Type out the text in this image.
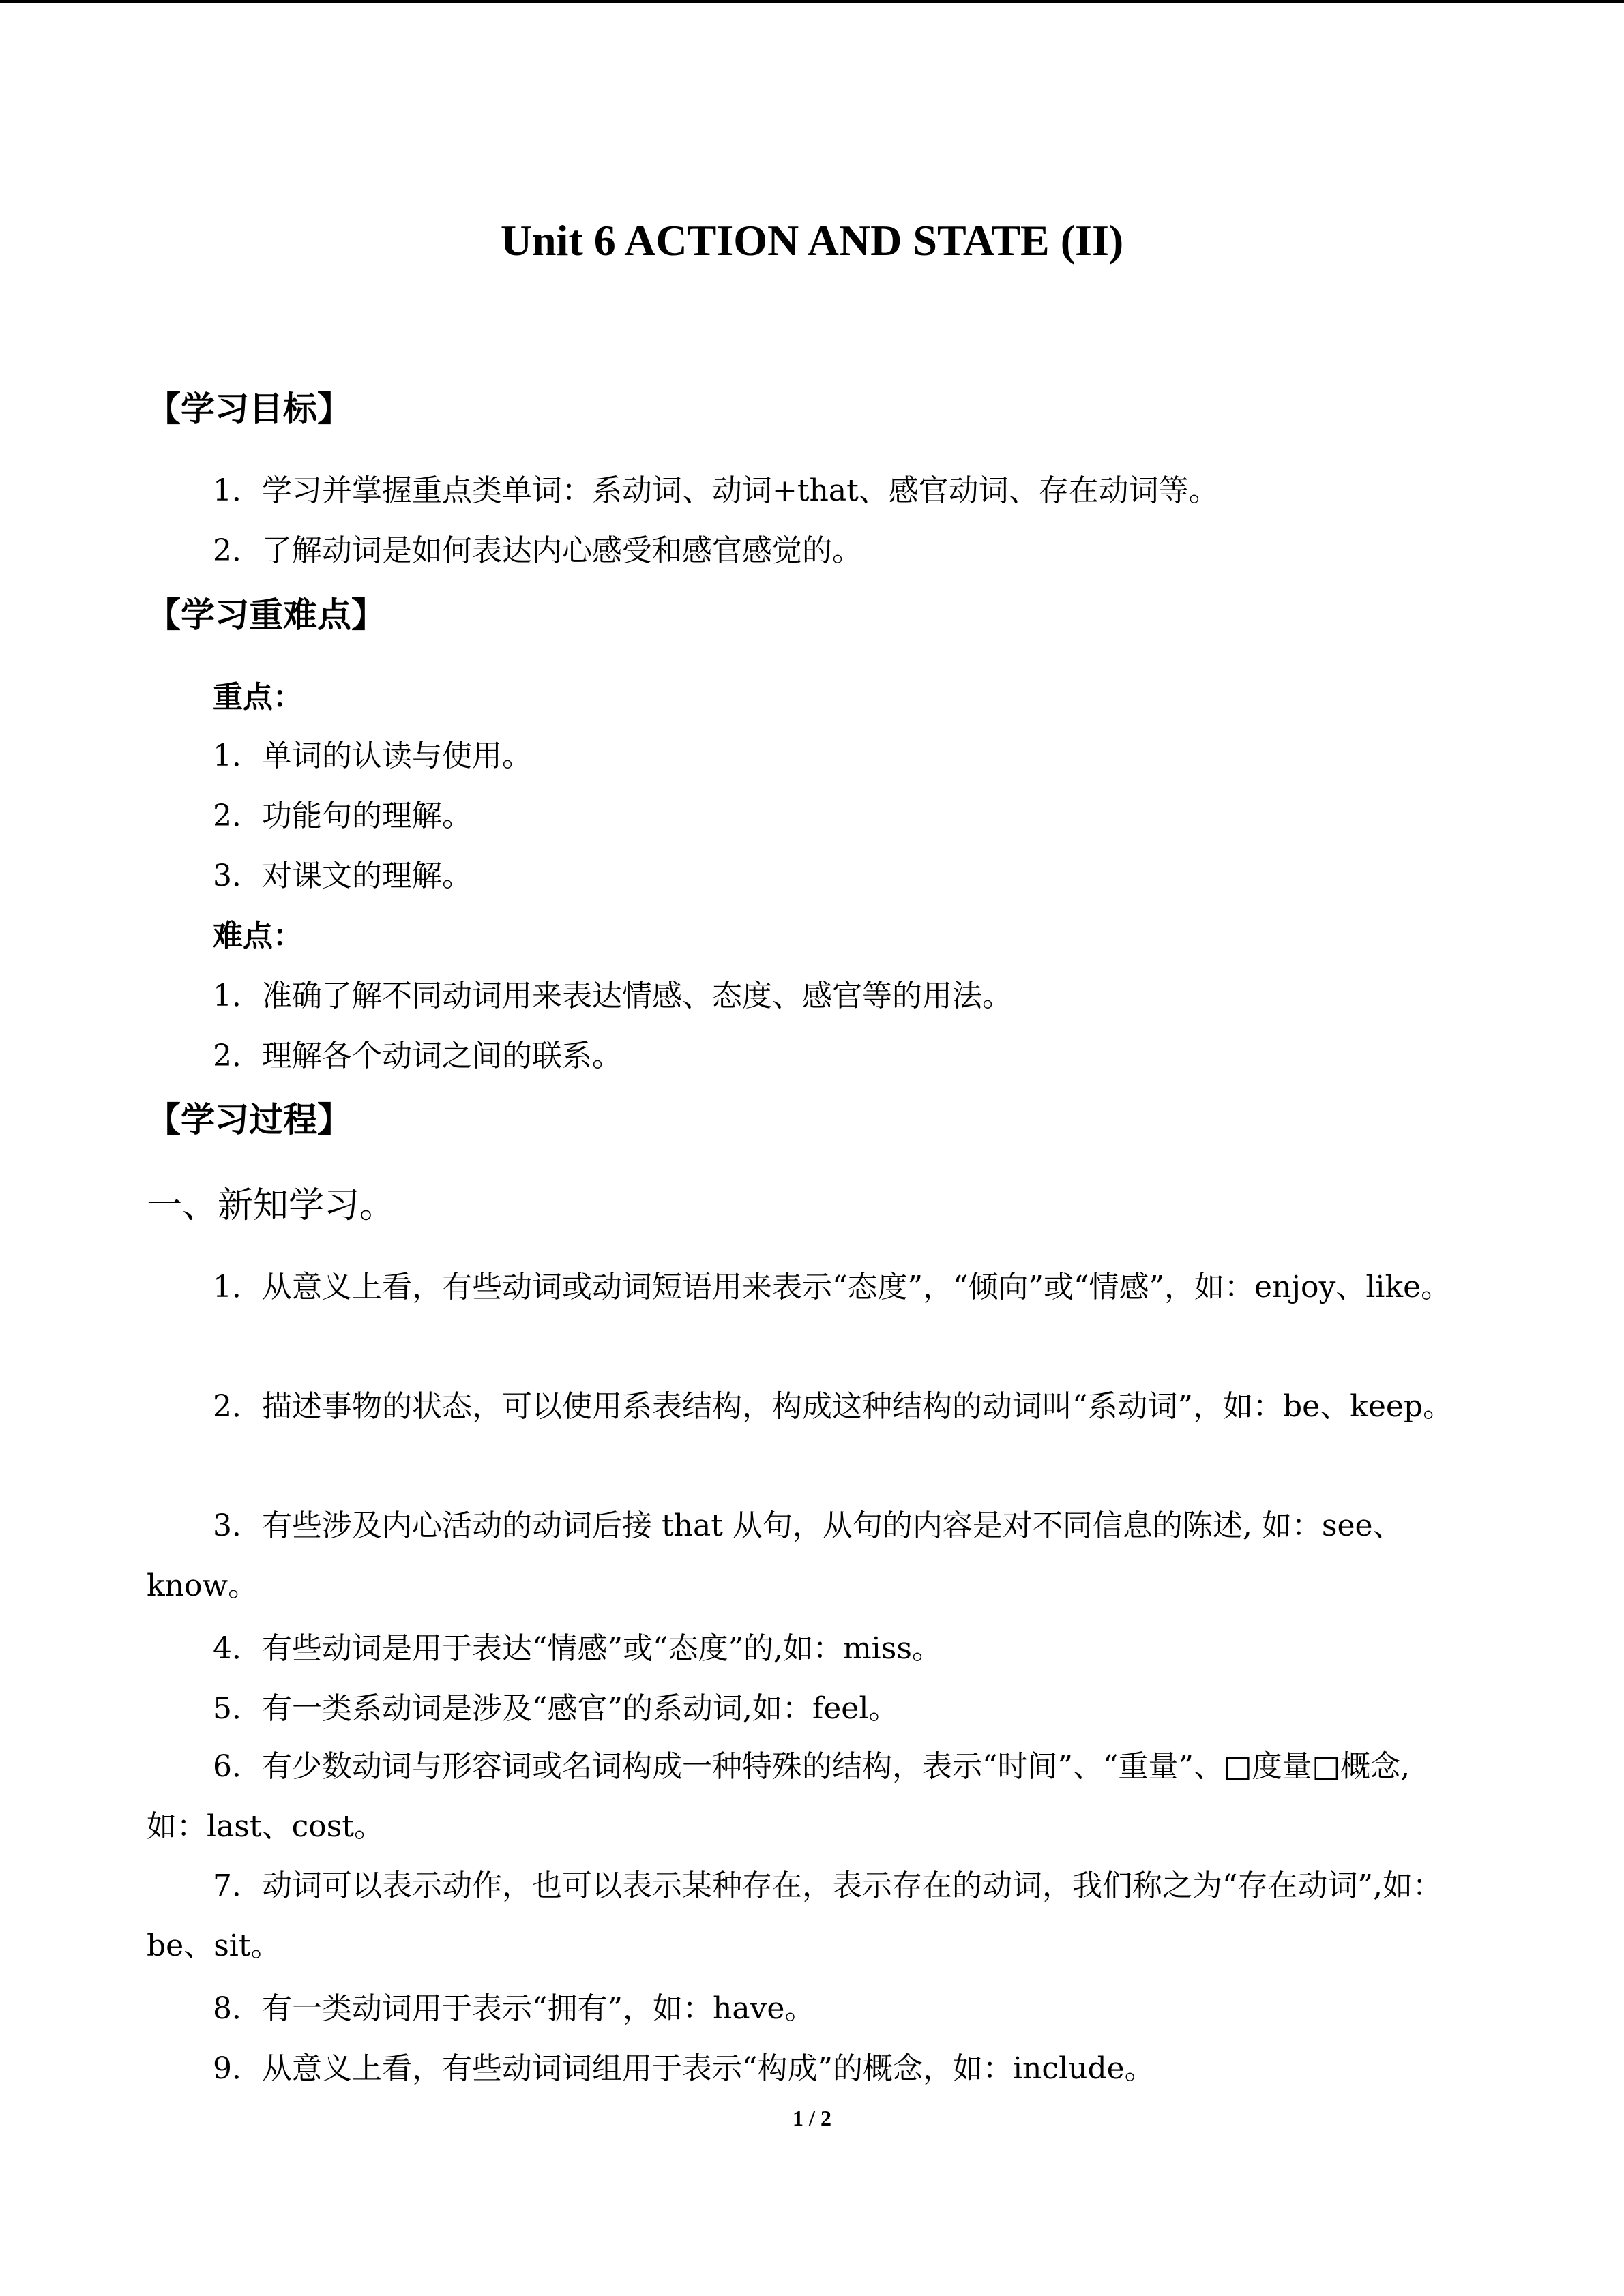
Unit 6 ACTION AND STATE (II)
【学习目标】
1．学习并掌握重点类单词：系动词、动词+that、感官动词、存在动词等。
2．了解动词是如何表达内心感受和感官感觉的。
【学习重难点】
重点：
1．单词的认读与使用。
2．功能句的理解。
3．对课文的理解。
难点：
1．准确了解不同动词用来表达情感、态度、感官等的用法。
2．理解各个动词之间的联系。
【学习过程】
一、新知学习。
1．从意义上看，有些动词或动词短语用来表示“态度”，“倾向”或“情感”，如：enjoy、like。
2．描述事物的状态，可以使用系表结构，构成这种结构的动词叫“系动词”，如：be、keep。
3．有些涉及内心活动的动词后接 that 从句，从句的内容是对不同信息的陈述, 如：see、know。
4．有些动词是用于表达“情感”或“态度”的,如：miss。
5．有一类系动词是涉及“感官”的系动词,如：feel。
6．有少数动词与形容词或名词构成一种特殊的结构，表示“时间”、“重量”、□度量□概念,如：last、cost。
7．动词可以表示动作，也可以表示某种存在，表示存在的动词，我们称之为“存在动词”,如：be、sit。
8．有一类动词用于表示“拥有”，如：have。
9．从意义上看，有些动词词组用于表示“构成”的概念，如：include。
1 / 2
